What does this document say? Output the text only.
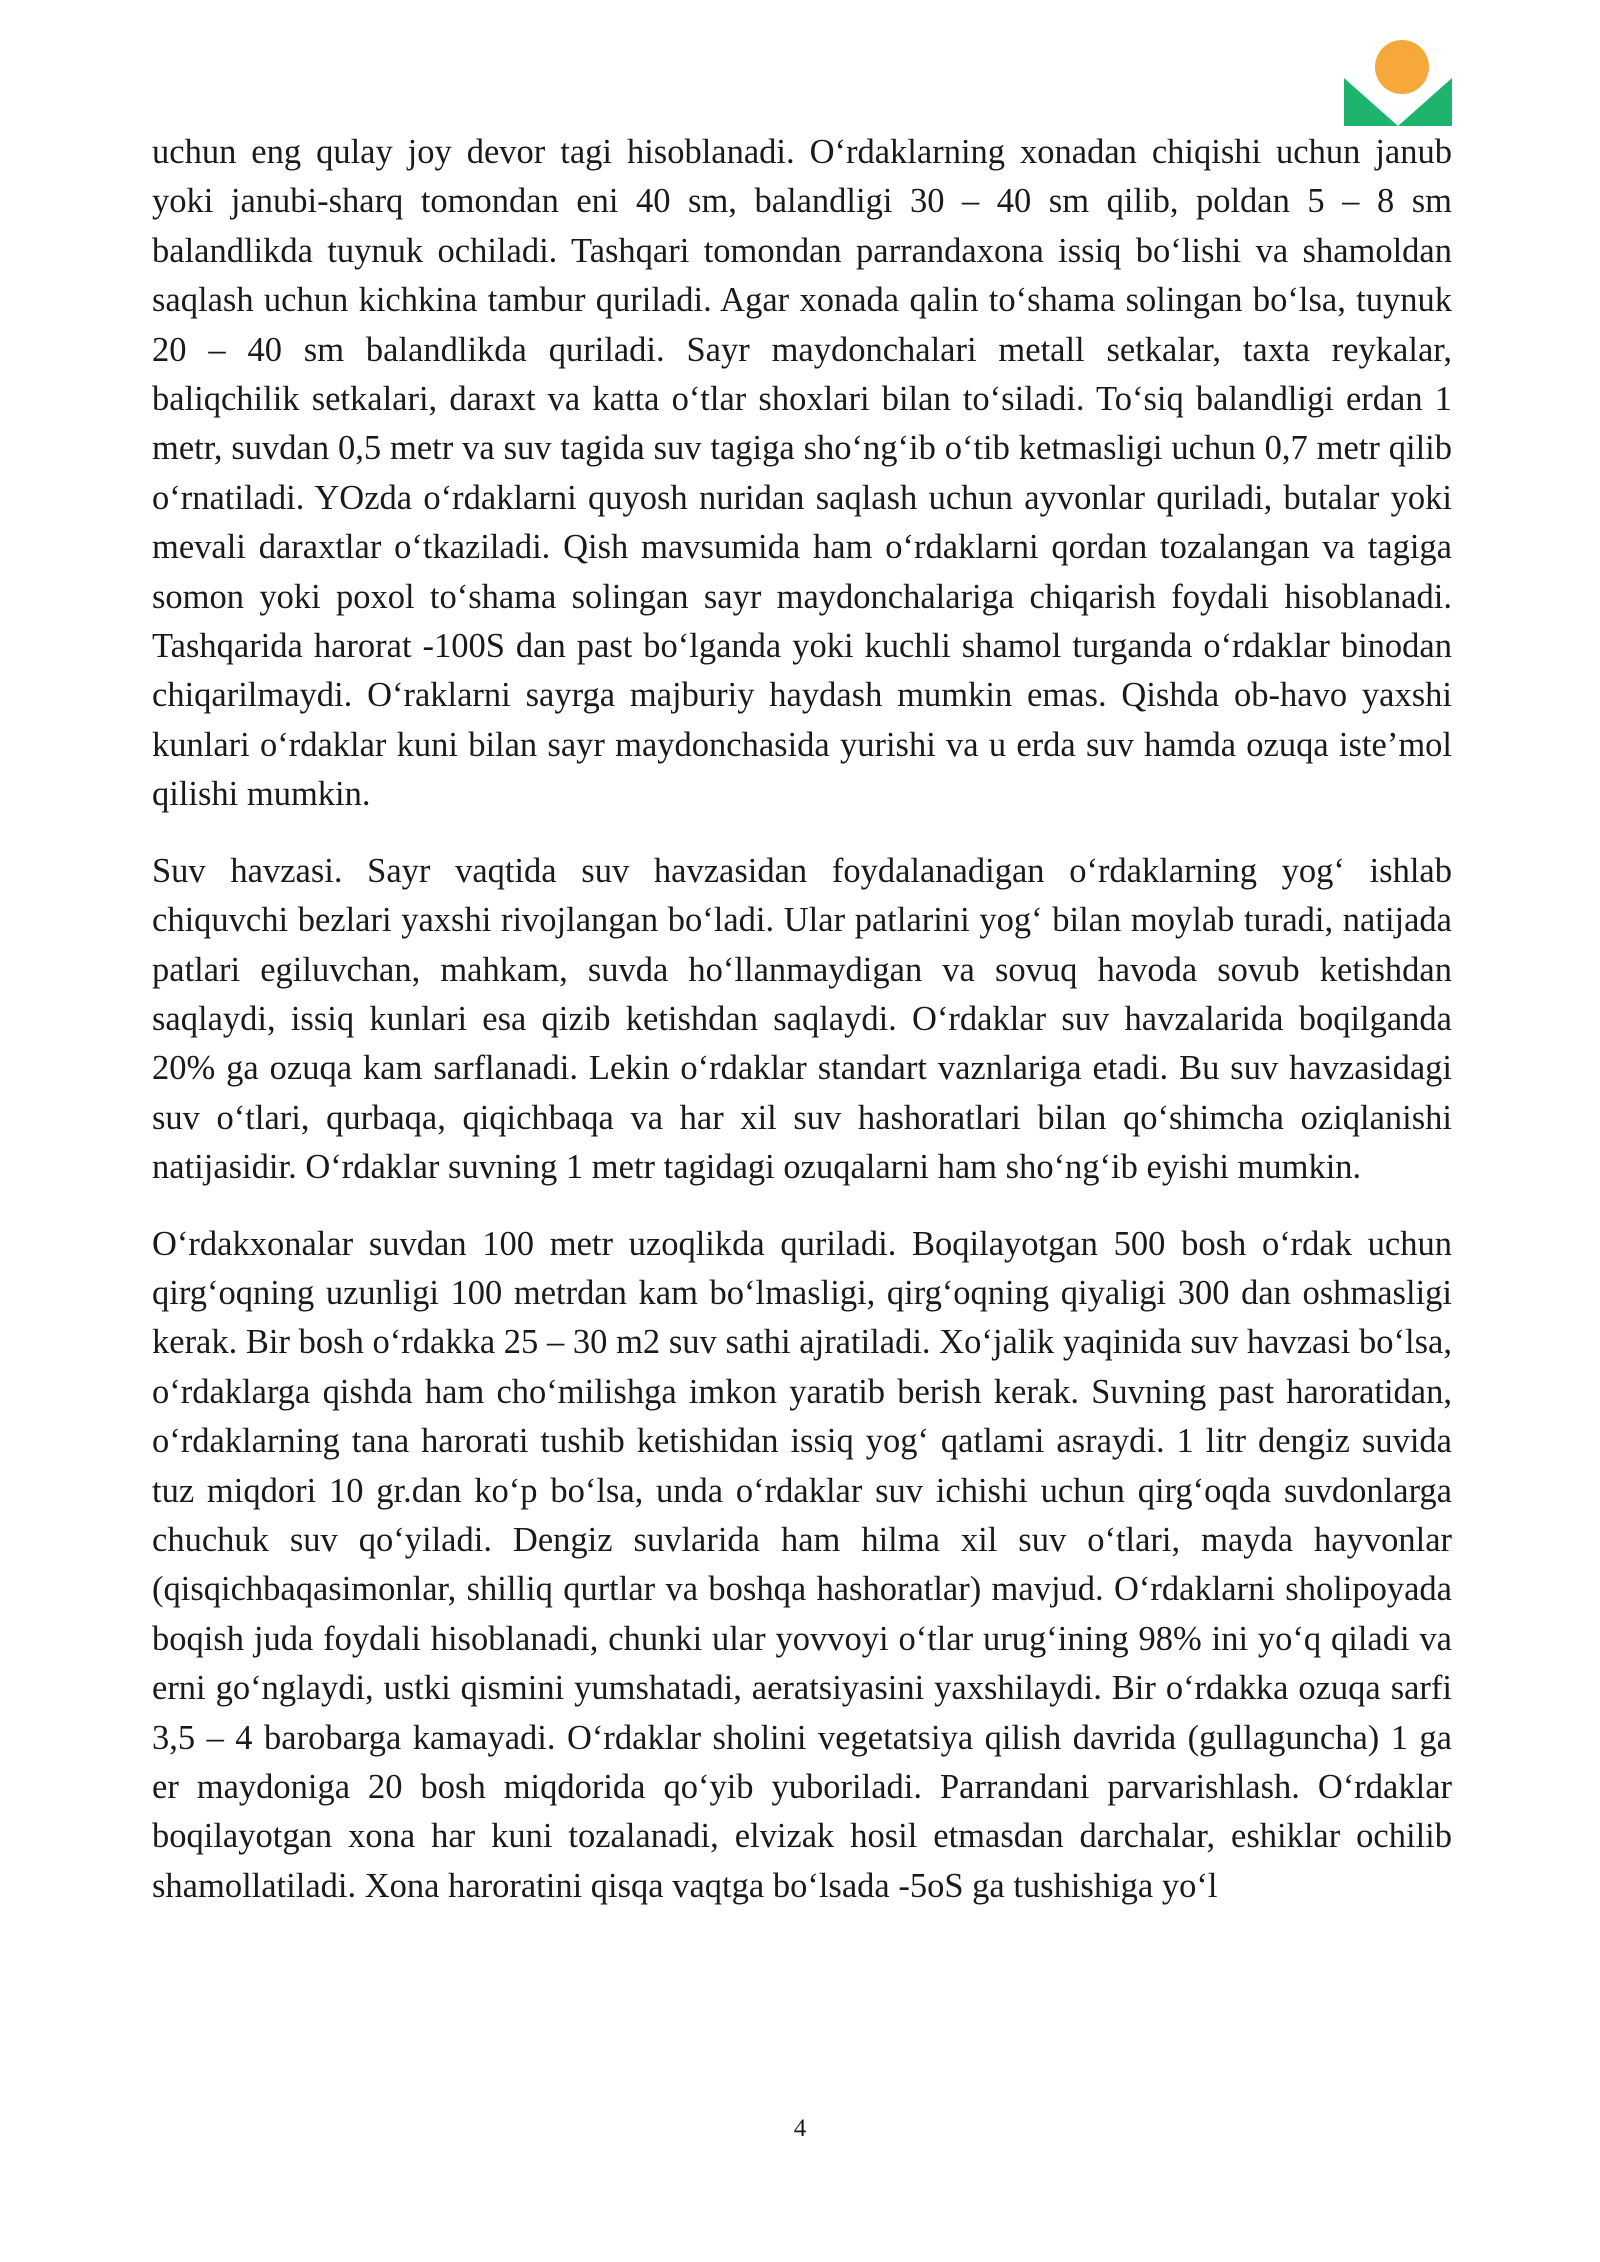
uchun eng qulay joy devor tagi hisoblanadi. O‘rdaklarning xonadan chiqishi uchun janub yoki janubi-sharq tomondan eni 40 sm, balandligi 30 – 40 sm qilib, poldan 5 – 8 sm balandlikda tuynuk ochiladi. Tashqari tomondan parrandaxona issiq bo‘lishi va shamoldan saqlash uchun kichkina tambur quriladi. Agar xonada qalin to‘shama solingan bo‘lsa, tuynuk 20 – 40 sm balandlikda quriladi. Sayr maydonchalari metall setkalar, taxta reykalar, baliqchilik setkalari, daraxt va katta o‘tlar shoxlari bilan to‘siladi. To‘siq balandligi erdan 1 metr, suvdan 0,5 metr va suv tagida suv tagiga sho‘ng‘ib o‘tib ketmasligi uchun 0,7 metr qilib o‘rnatiladi. YOzda o‘rdaklarni quyosh nuridan saqlash uchun ayvonlar quriladi, butalar yoki mevali daraxtlar o‘tkaziladi. Qish mavsumida ham o‘rdaklarni qordan tozalangan va tagiga somon yoki poxol to‘shama solingan sayr maydonchalariga chiqarish foydali hisoblanadi. Tashqarida harorat -100S dan past bo‘lganda yoki kuchli shamol turganda o‘rdaklar binodan chiqarilmaydi. O‘raklarni sayrga majburiy haydash mumkin emas. Qishda ob-havo yaxshi kunlari o‘rdaklar kuni bilan sayr maydonchasida yurishi va u erda suv hamda ozuqa iste’mol qilishi mumkin.

Suv havzasi. Sayr vaqtida suv havzasidan foydalanadigan o‘rdaklarning yog‘ ishlab chiquvchi bezlari yaxshi rivojlangan bo‘ladi. Ular patlarini yog‘ bilan moylab turadi, natijada patlari egiluvchan, mahkam, suvda ho‘llanmaydigan va sovuq havoda sovub ketishdan saqlaydi, issiq kunlari esa qizib ketishdan saqlaydi. O‘rdaklar suv havzalarida boqilganda 20% ga ozuqa kam sarflanadi. Lekin o‘rdaklar standart vaznlariga etadi. Bu suv havzasidagi suv o‘tlari, qurbaqa, qiqichbaqa va har xil suv hashoratlari bilan qo‘shimcha oziqlanishi natijasidir. O‘rdaklar suvning 1 metr tagidagi ozuqalarni ham sho‘ng‘ib eyishi mumkin.

O‘rdakxonalar suvdan 100 metr uzoqlikda quriladi. Boqilayotgan 500 bosh o‘rdak uchun qirg‘oqning uzunligi 100 metrdan kam bo‘lmasligi, qirg‘oqning qiyaligi 300 dan oshmasligi kerak. Bir bosh o‘rdakka 25 – 30 m2 suv sathi ajratiladi. Xo‘jalik yaqinida suv havzasi bo‘lsa, o‘rdaklarga qishda ham cho‘milishga imkon yaratib berish kerak. Suvning past haroratidan, o‘rdaklarning tana harorati tushib ketishidan issiq yog‘ qatlami asraydi. 1 litr dengiz suvida tuz miqdori 10 gr.dan ko‘p bo‘lsa, unda o‘rdaklar suv ichishi uchun qirg‘oqda suvdonlarga chuchuk suv qo‘yiladi. Dengiz suvlarida ham hilma xil suv o‘tlari, mayda hayvonlar (qisqichbaqasimonlar, shilliq qurtlar va boshqa hashoratlar) mavjud. O‘rdaklarni sholipoyada boqish juda foydali hisoblanadi, chunki ular yovvoyi o‘tlar urug‘ining 98% ini yo‘q qiladi va erni go‘nglaydi, ustki qismini yumshatadi, aeratsiyasini yaxshilaydi. Bir o‘rdakka ozuqa sarfi 3,5 – 4 barobarga kamayadi. O‘rdaklar sholini vegetatsiya qilish davrida (gullaguncha) 1 ga er maydoniga 20 bosh miqdorida qo‘yib yuboriladi. Parrandani parvarishlash. O‘rdaklar boqilayotgan xona har kuni tozalanadi, elvizak hosil etmasdan darchalar, eshiklar ochilib shamollatiladi. Xona haroratini qisqa vaqtga bo‘lsada -5oS ga tushishiga yo‘l

4
